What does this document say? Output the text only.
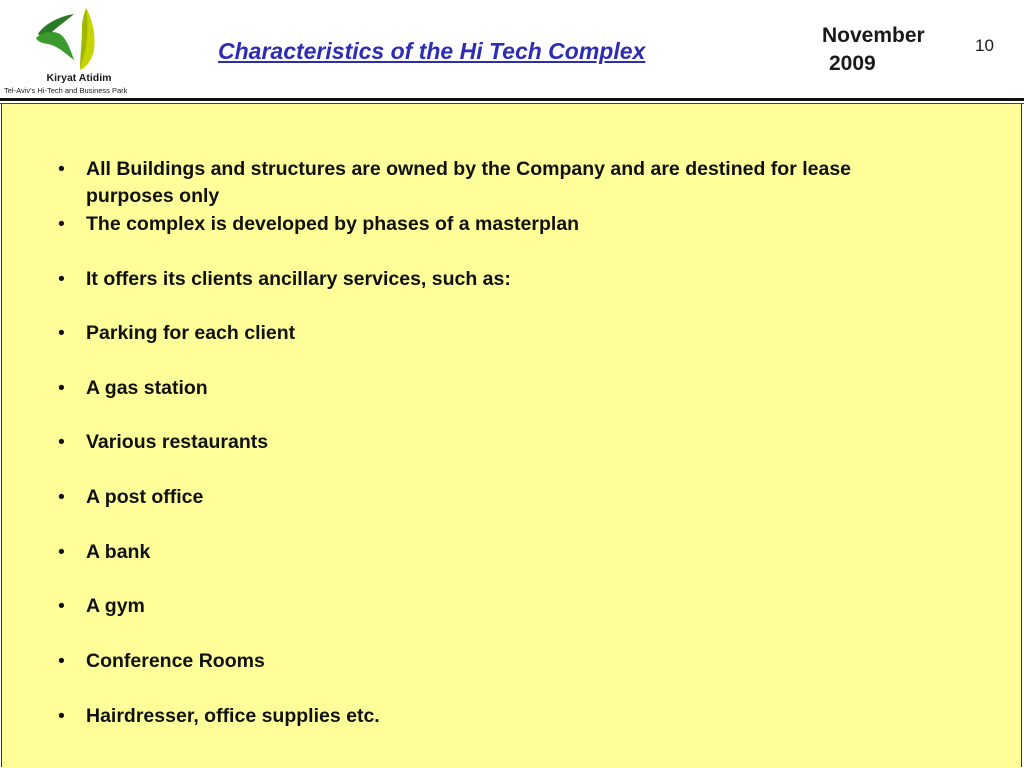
Kiryat Atidim
Tel-Aviv's Hi-Tech and Business Park
Characteristics of the Hi Tech Complex
November
2009
10
• All Buildings and structures are owned by the Company and are destined for lease purposes only
• The complex is developed by phases of a masterplan
• It offers its clients ancillary services, such as:
• Parking for each client
• A gas station
• Various restaurants
• A post office
• A bank
• A gym
• Conference Rooms
• Hairdresser, office supplies etc.
